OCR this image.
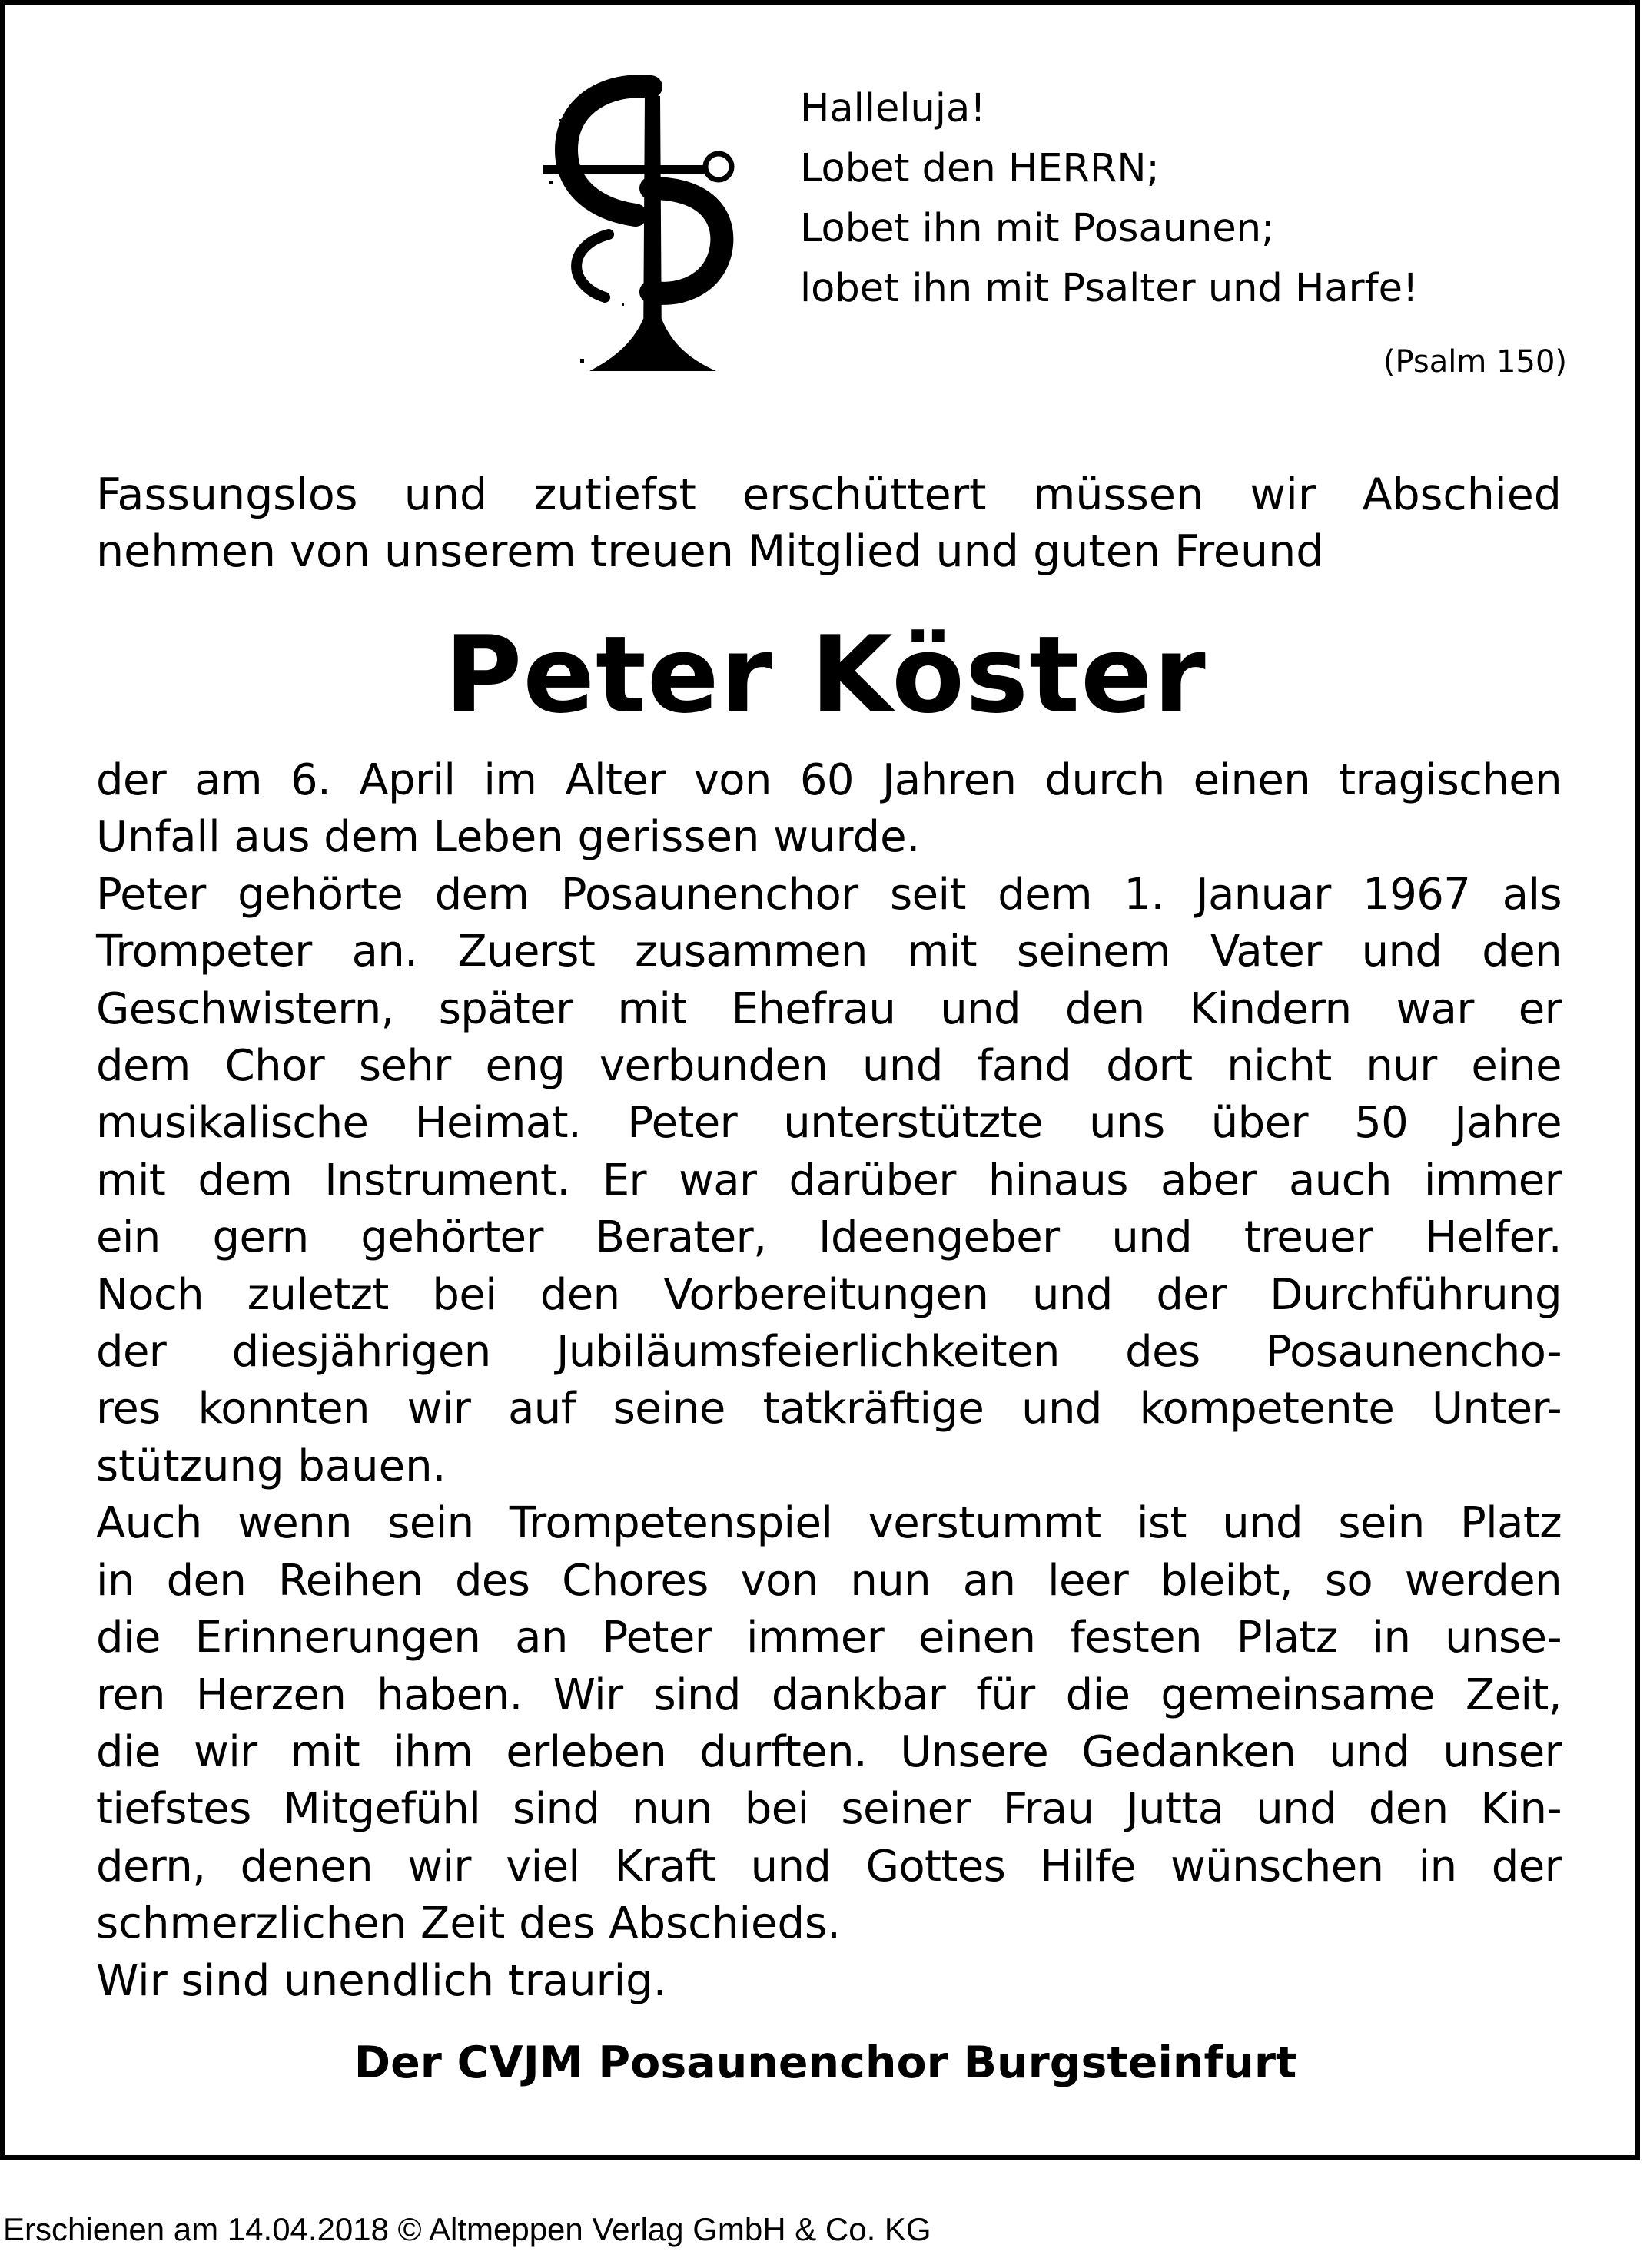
Halleluja!
Lobet den HERRN;
Lobet ihn mit Posaunen;
lobet ihn mit Psalter und Harfe!
(Psalm 150)
Fassungslos und zutiefst erschüttert müssen wir Abschied
nehmen von unserem treuen Mitglied und guten Freund
Peter Köster
der am 6. April im Alter von 60 Jahren durch einen tragischen
Unfall aus dem Leben gerissen wurde.
Peter gehörte dem Posaunenchor seit dem 1. Januar 1967 als
Trompeter an. Zuerst zusammen mit seinem Vater und den
Geschwistern, später mit Ehefrau und den Kindern war er
dem Chor sehr eng verbunden und fand dort nicht nur eine
musikalische Heimat. Peter unterstützte uns über 50 Jahre
mit dem Instrument. Er war darüber hinaus aber auch immer
ein gern gehörter Berater, Ideengeber und treuer Helfer.
Noch zuletzt bei den Vorbereitungen und der Durchführung
der diesjährigen Jubiläumsfeierlichkeiten des Posaunencho-
res konnten wir auf seine tatkräftige und kompetente Unter-
stützung bauen.
Auch wenn sein Trompetenspiel verstummt ist und sein Platz
in den Reihen des Chores von nun an leer bleibt, so werden
die Erinnerungen an Peter immer einen festen Platz in unse-
ren Herzen haben. Wir sind dankbar für die gemeinsame Zeit,
die wir mit ihm erleben durften. Unsere Gedanken und unser
tiefstes Mitgefühl sind nun bei seiner Frau Jutta und den Kin-
dern, denen wir viel Kraft und Gottes Hilfe wünschen in der
schmerzlichen Zeit des Abschieds.
Wir sind unendlich traurig.
Der CVJM Posaunenchor Burgsteinfurt
Erschienen am 14.04.2018 © Altmeppen Verlag GmbH & Co. KG
